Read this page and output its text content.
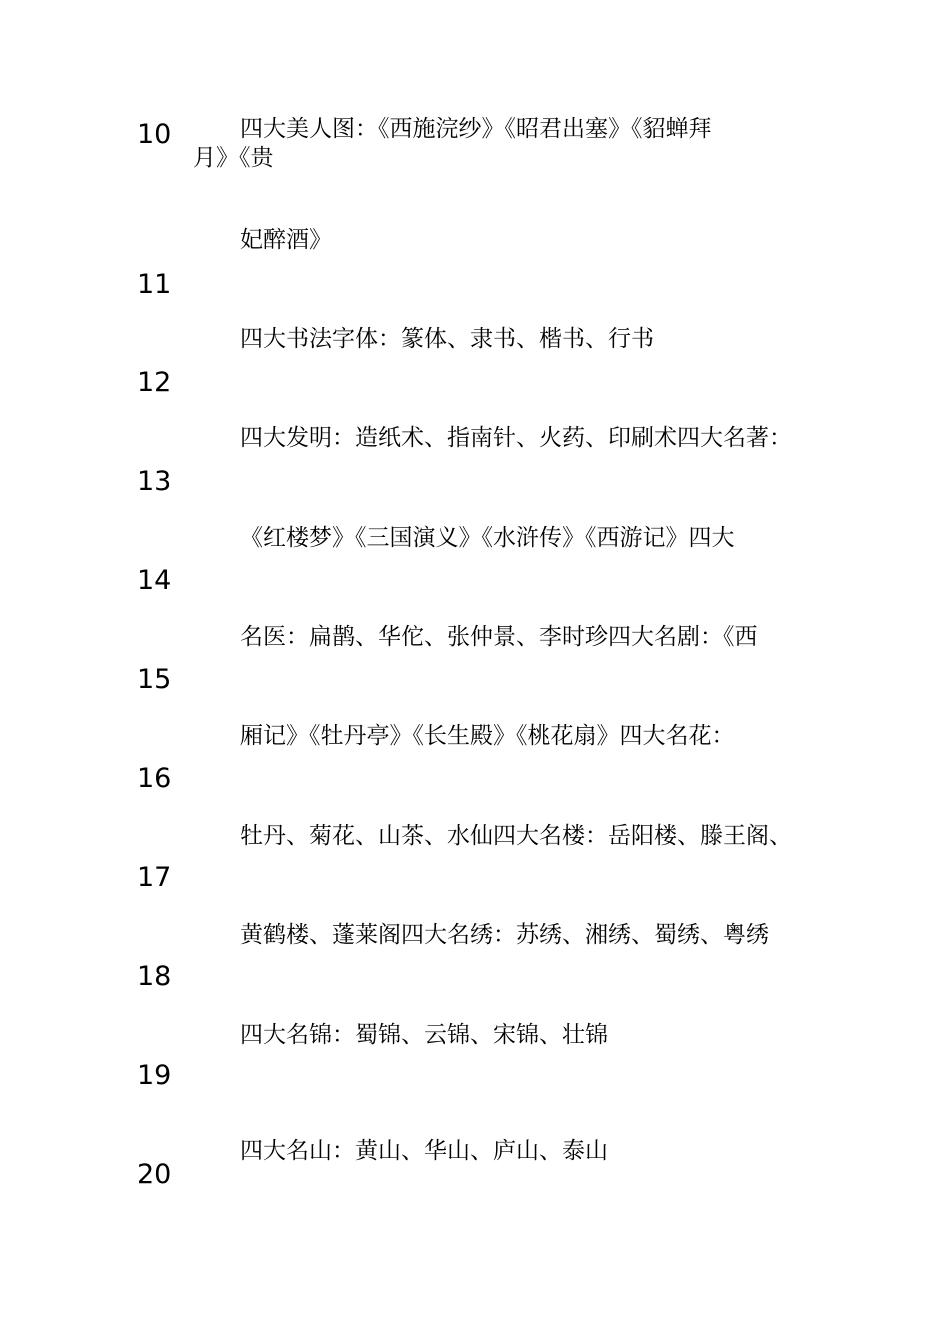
10
11
12
13
14
15
16
17
18
19
20
四大美人图：《西施浣纱》《昭君出塞》《貂蝉拜
月》《贵
妃醉酒》
四大书法字体：篆体、隶书、楷书、行书
四大发明：造纸术、指南针、火药、印刷术四大名著：
《红楼梦》《三国演义》《水浒传》《西游记》四大
名医：扁鹊、华佗、张仲景、李时珍四大名剧：《西
厢记》《牡丹亭》《长生殿》《桃花扇》四大名花：
牡丹、菊花、山茶、水仙四大名楼：岳阳楼、滕王阁、
黄鹤楼、蓬莱阁四大名绣：苏绣、湘绣、蜀绣、粤绣
四大名锦：蜀锦、云锦、宋锦、壮锦
四大名山：黄山、华山、庐山、泰山
